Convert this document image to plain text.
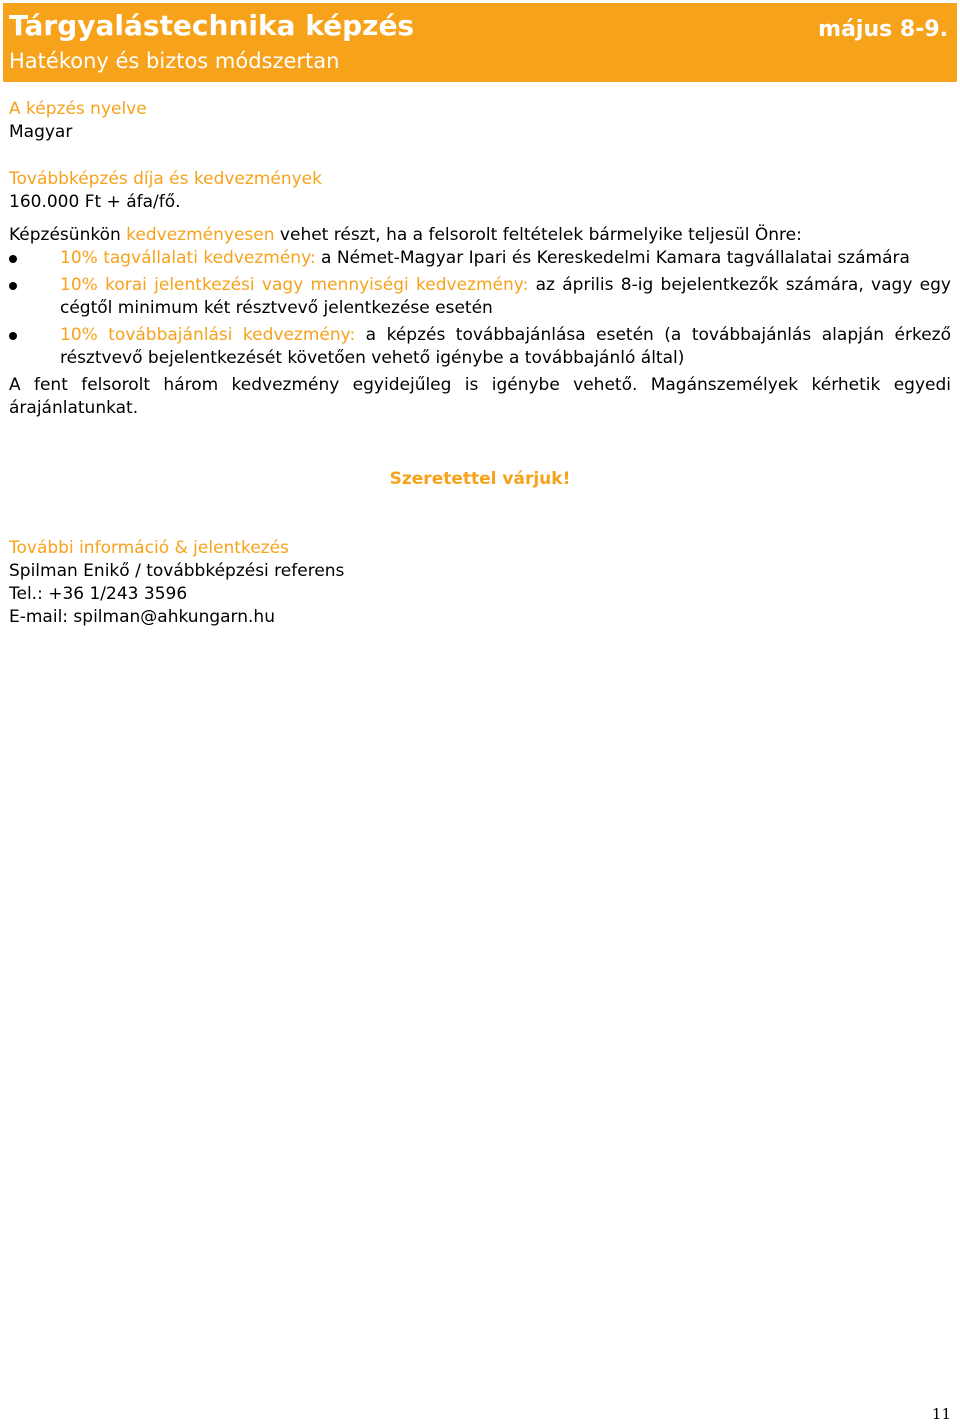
Tárgyalástechnika képzés
Hatékony és biztos módszertan
május 8-9.

A képzés nyelve

Magyar

Továbbképzés díja és kedvezmények

160.000 Ft + áfa/fő.

Képzésünkön kedvezményesen vehet részt, ha a felsorolt feltételek bármelyike teljesül Önre:

10% tagvállalati kedvezmény: a Német-Magyar Ipari és Kereskedelmi Kamara tagvállalatai számára
10% korai jelentkezési vagy mennyiségi kedvezmény: az április 8-ig bejelentkezők számára, vagy egy cégtől minimum két résztvevő jelentkezése esetén
10% továbbajánlási kedvezmény: a képzés továbbajánlása esetén (a továbbajánlás alapján érkező résztvevő bejelentkezését követően vehető igénybe a továbbajánló által)

A fent felsorolt három kedvezmény egyidejűleg is igénybe vehető. Magánszemélyek kérhetik egyedi árajánlatunkat.

Szeretettel várjuk!

További információ & jelentkezés

Spilman Enikő / továbbképzési referens

Tel.: +36 1/243 3596

E-mail: spilman@ahkungarn.hu

11
